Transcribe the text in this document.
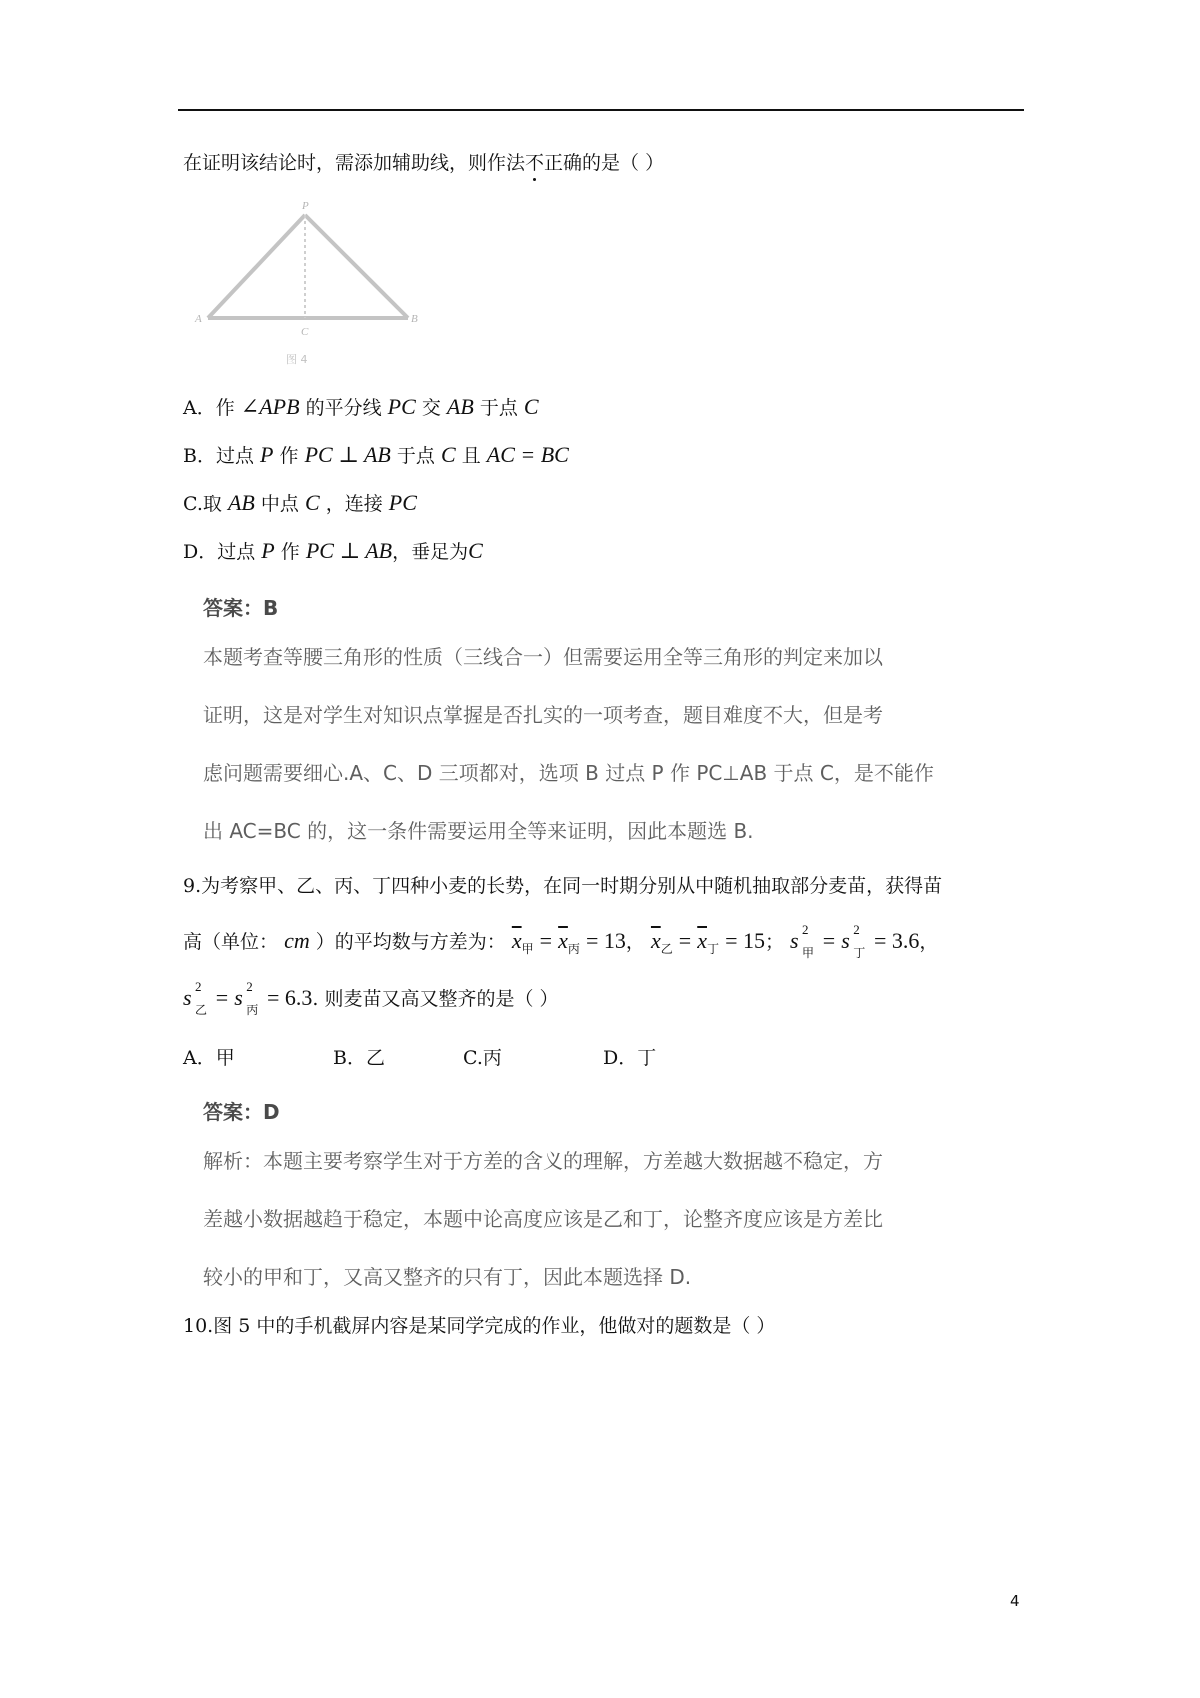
在证明该结论时，需添加辅助线，则作法不正确的是（ ）
P
A	B
C
图 4
A．作 ∠APB 的平分线 PC 交 AB 于点 C
B．过点 P 作 PC ⊥ AB 于点 C 且 AC = BC
C.取 AB 中点 C ，连接 PC
D．过点 P 作 PC ⊥ AB，垂足为C
答案：B
本题考查等腰三角形的性质（三线合一）但需要运用全等三角形的判定来加以
证明，这是对学生对知识点掌握是否扎实的一项考查，题目难度不大，但是考
虑问题需要细心.A、C、D 三项都对，选项 B 过点 P 作 PC⊥AB 于点 C，是不能作
出 AC=BC 的，这一条件需要运用全等来证明，因此本题选 B.
9.为考察甲、乙、丙、丁四种小麦的长势，在同一时期分别从中随机抽取部分麦苗，获得苗
高（单位： cm ）的平均数与方差为： $\overline{x}_甲 = \overline{x}_丙 = 13$， $\overline{x}_乙 = \overline{x}_丁 = 15$； s 2
甲 = s 2
丁 = 3.6，
s 2
乙 = s 2
丙 = 6.3. 则麦苗又高又整齐的是（ ）
A．甲	B．乙	C.丙	D．丁
答案：D
解析：本题主要考察学生对于方差的含义的理解，方差越大数据越不稳定，方
差越小数据越趋于稳定，本题中论高度应该是乙和丁，论整齐度应该是方差比
较小的甲和丁，又高又整齐的只有丁，因此本题选择 D.
10.图 5 中的手机截屏内容是某同学完成的作业，他做对的题数是（ ）
4
